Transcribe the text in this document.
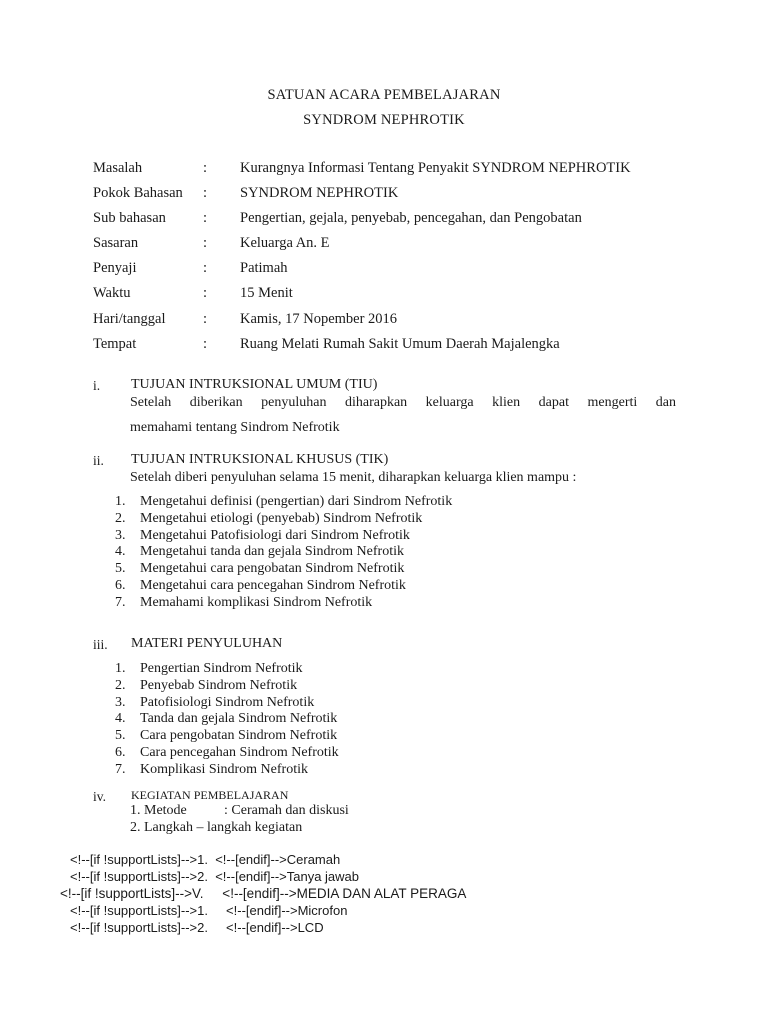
SATUAN ACARA PEMBELAJARAN
SYNDROM NEPHROTIK
Masalah	: Kurangnya Informasi Tentang Penyakit SYNDROM NEPHROTIK
Pokok Bahasan : SYNDROM NEPHROTIK
Sub bahasan	: Pengertian, gejala, penyebab, pencegahan, dan Pengobatan
Sasaran	: Keluarga An. E
Penyaji	: Patimah
Waktu	: 15 Menit
Hari/tanggal	: Kamis, 17 Nopember 2016
Tempat	: Ruang Melati Rumah Sakit Umum Daerah Majalengka
i. TUJUAN INTRUKSIONAL UMUM (TIU)
Setelah diberikan penyuluhan diharapkan keluarga klien dapat mengerti dan
memahami tentang Sindrom Nefrotik
ii. TUJUAN INTRUKSIONAL KHUSUS (TIK)
Setelah diberi penyuluhan selama 15 menit, diharapkan keluarga klien mampu :
1. Mengetahui definisi (pengertian) dari Sindrom Nefrotik
2. Mengetahui etiologi (penyebab) Sindrom Nefrotik
3. Mengetahui Patofisiologi dari Sindrom Nefrotik
4. Mengetahui tanda dan gejala Sindrom Nefrotik
5. Mengetahui cara pengobatan Sindrom Nefrotik
6. Mengetahui cara pencegahan Sindrom Nefrotik
7. Memahami komplikasi Sindrom Nefrotik
iii. MATERI PENYULUHAN
1. Pengertian Sindrom Nefrotik
2. Penyebab Sindrom Nefrotik
3. Patofisiologi Sindrom Nefrotik
4. Tanda dan gejala Sindrom Nefrotik
5. Cara pengobatan Sindrom Nefrotik
6. Cara pencegahan Sindrom Nefrotik
7. Komplikasi Sindrom Nefrotik
iv. KEGIATAN PEMBELAJARAN
1. Metode	: Ceramah dan diskusi
2. Langkah – langkah kegiatan
<!--[if !supportLists]-->1.  <!--[endif]-->Ceramah
<!--[if !supportLists]-->2.  <!--[endif]-->Tanya jawab
<!--[if !supportLists]-->V.     <!--[endif]-->MEDIA DAN ALAT PERAGA
<!--[if !supportLists]-->1.     <!--[endif]-->Microfon
<!--[if !supportLists]-->2.     <!--[endif]-->LCD
